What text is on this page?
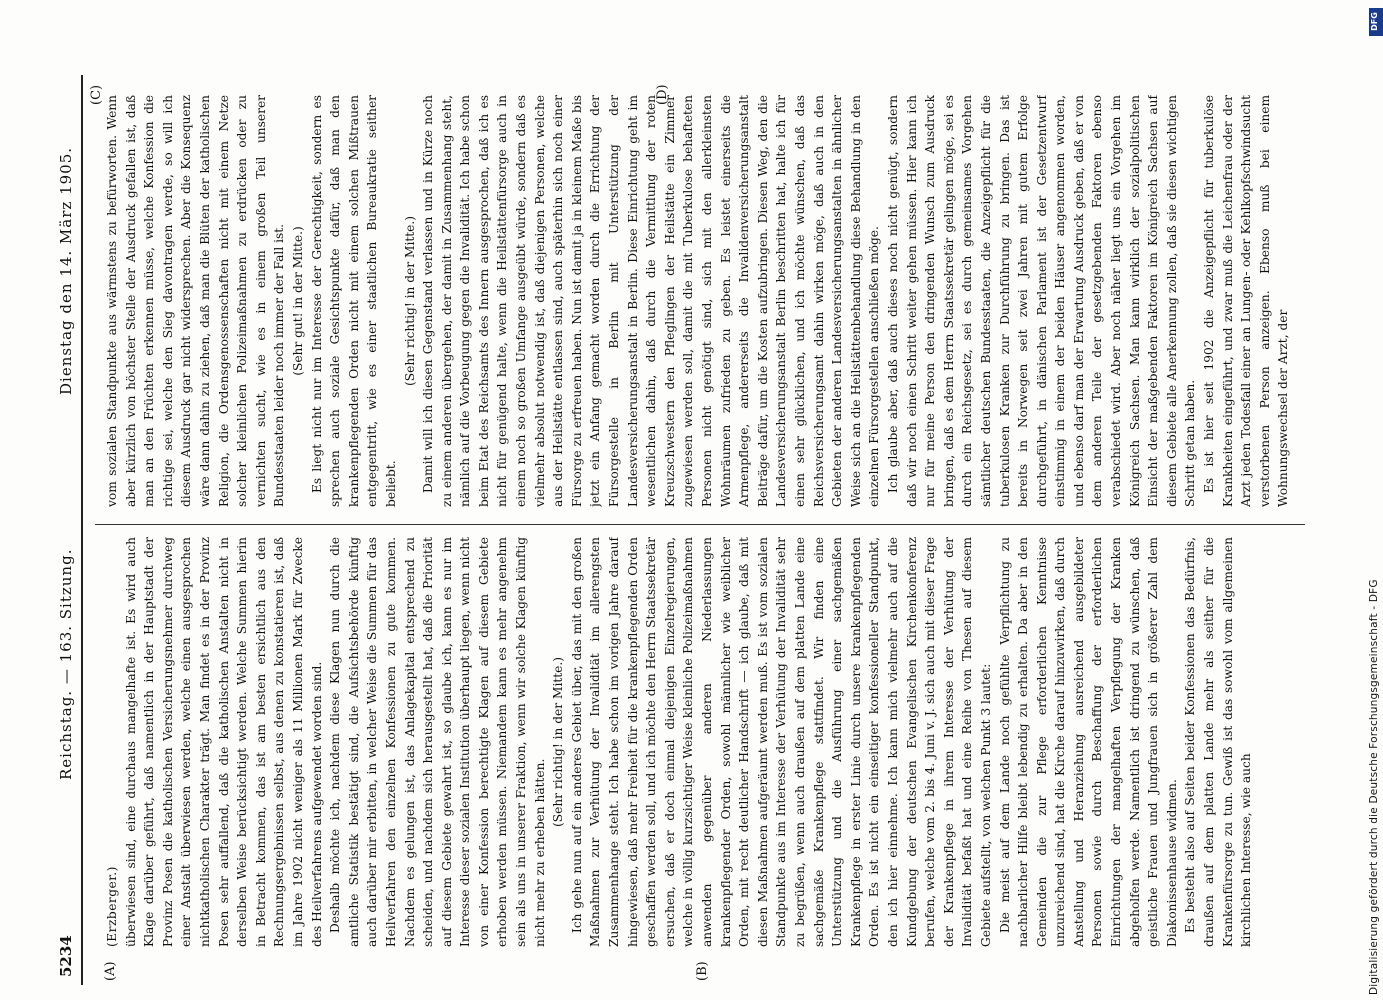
5234
Reichstag. — 163. Sitzung.
Dienstag den 14. März 1905.
(A)	(B)
(C)	(D)

(Erzberger.) überwiesen sind, eine durchaus mangelhafte ist. Es wird auch Klage darüber geführt, daß namentlich in der Hauptstadt der Provinz Posen die katholischen Versicherungsnehmer durchweg einer Anstalt überwiesen werden, welche einen ausgesprochen nichtkatholischen Charakter trägt. Man findet es in der Provinz Posen sehr auffallend, daß die katholischen Anstalten nicht in derselben Weise berücksichtigt werden. Welche Summen hierin in Betracht kommen, das ist am besten ersichtlich aus den Rechnungsergebnissen selbst, aus denen zu konstatieren ist, daß im Jahre 1902 nicht weniger als 11 Millionen Mark für Zwecke des Heilverfahrens aufgewendet worden sind. Deshalb möchte ich, nachdem diese Klagen nun durch die amtliche Statistik bestätigt sind, die Aufsichtsbehörde künftig auch darüber mir erbitten, in welcher Weise die Summen für das Heilverfahren den einzelnen Konfessionen zu gute kommen. Nachdem es gelungen ist, das Anlagekapital entsprechend zu scheiden, und nachdem sich herausgestellt hat, daß die Priorität auf diesem Gebiete gewahrt ist, so glaube ich, kann es nur im Interesse dieser sozialen Institution überhaupt liegen, wenn nicht von einer Konfession berechtigte Klagen auf diesem Gebiete erhoben werden müssen. Niemandem kann es mehr angenehm sein als uns in unserer Fraktion, wenn wir solche Klagen künftig nicht mehr zu erheben hätten.

(Sehr richtig! in der Mitte.) Ich gehe nun auf ein anderes Gebiet über, das mit den großen Maßnahmen zur Verhütung der Invalidität im allerengsten Zusammenhange steht. Ich habe schon im vorigen Jahre darauf hingewiesen, daß mehr Freiheit für die krankenpflegenden Orden geschaffen werden soll, und ich möchte den Herrn Staatssekretär ersuchen, daß er doch einmal diejenigen Einzelregierungen, welche in völlig kurzsichtiger Weise kleinliche Polizeimaßnahmen anwenden gegenüber anderen Niederlassungen krankenpflegender Orden, sowohl männlicher wie weiblicher Orden, mit recht deutlicher Handschrift — ich glaube, daß mit diesen Maßnahmen aufgeräumt werden muß. Es ist vom sozialen Standpunkte aus im Interesse der Verhütung der Invalidität sehr zu begrüßen, wenn auch draußen auf dem platten Lande eine sachgemäße Krankenpflege stattfindet. Wir finden eine Unterstützung und die Ausführung einer sachgemäßen Krankenpflege in erster Linie durch unsere krankenpflegenden Orden. Es ist nicht ein einseitiger konfessioneller Standpunkt, den ich hier einnehme. Ich kann mich vielmehr auch auf die Kundgebung der deutschen Evangelischen Kirchenkonferenz berufen, welche vom 2. bis 4. Juni v. J. sich auch mit dieser Frage der Krankenpflege in ihrem Interesse der Verhütung der Invalidität befaßt hat und eine Reihe von Thesen auf diesem Gebiete aufstellt, von welchen Punkt 3 lautet: Die meist auf dem Lande noch gefühlte Verpflichtung zu nachbarlicher Hilfe bleibt lebendig zu erhalten. Da aber in den Gemeinden die zur Pflege erforderlichen Kenntnisse unzureichend sind, hat die Kirche darauf hinzuwirken, daß durch Anstellung und Heranziehung ausreichend ausgebildeter Personen sowie durch Beschaffung der erforderlichen Einrichtungen der mangelhaften Verpflegung der Kranken abgeholfen werde. Namentlich ist dringend zu wünschen, daß geistliche Frauen und Jungfrauen sich in größerer Zahl dem Diakonissenhause widmen. Es besteht also auf Seiten beider Konfessionen das Bedürfnis, draußen auf dem platten Lande mehr als seither für die Krankenfürsorge zu tun. Gewiß ist das sowohl vom allgemeinen kirchlichen Interesse, wie auch

vom sozialen Standpunkte aus wärmstens zu befürworten. Wenn aber kürzlich von höchster Stelle der Ausdruck gefallen ist, daß man an den Früchten erkennen müsse, welche Konfession die richtige sei, welche den Sieg davontragen werde, so will ich diesem Ausdruck gar nicht widersprechen. Aber die Konsequenz wäre dann dahin zu ziehen, daß man die Blüten der katholischen Religion, die Ordensgenossenschaften nicht mit einem Netze solcher kleinlichen Polizeimaßnahmen zu erdrücken oder zu vernichten sucht, wie es in einem großen Teil unserer Bundesstaaten leider noch immer der Fall ist. (Sehr gut! in der Mitte.) Es liegt nicht nur im Interesse der Gerechtigkeit, sondern es sprechen auch soziale Gesichtspunkte dafür, daß man den krankenpflegenden Orden nicht mit einem solchen Mißtrauen entgegentritt, wie es einer staatlichen Bureaukratie seither beliebt.

(Sehr richtig! in der Mitte.) Damit will ich diesen Gegenstand verlassen und in Kürze noch zu einem anderen übergehen, der damit in Zusammenhang steht, nämlich auf die Vorbeugung gegen die Invalidität. Ich habe schon beim Etat des Reichsamts des Innern ausgesprochen, daß ich es nicht für genügend halte, wenn die Heilstättenfürsorge auch in einem noch so großen Umfange ausgeübt würde, sondern daß es vielmehr absolut notwendig ist, daß diejenigen Personen, welche aus der Heilstätte entlassen sind, auch späterhin sich noch einer Fürsorge zu erfreuen haben. Nun ist damit ja in kleinem Maße bis jetzt ein Anfang gemacht worden durch die Errichtung der Fürsorgestelle in Berlin mit Unterstützung der Landesversicherungsanstalt in Berlin. Diese Einrichtung geht im wesentlichen dahin, daß durch die Vermittlung der roten Kreuzschwestern den Pfleglingen der Heilstätte ein Zimmer zugewiesen werden soll, damit die mit Tuberkulose behafteten Personen nicht genötigt sind, sich mit den allerkleinsten Wohnräumen zufrieden zu geben. Es leistet einerseits die Armenpflege, andererseits die Invalidenversicherungsanstalt Beiträge dafür, um die Kosten aufzubringen. Diesen Weg, den die Landesversicherungsanstalt Berlin beschritten hat, halte ich für einen sehr glücklichen, und ich möchte wünschen, daß das Reichsversicherungsamt dahin wirken möge, daß auch in den Gebieten der anderen Landesversicherungsanstalten in ähnlicher Weise sich an die Heilstättenbehandlung diese Behandlung in den einzelnen Fürsorgestellen anschließen möge. Ich glaube aber, daß auch dieses noch nicht genügt, sondern daß wir noch einen Schritt weiter gehen müssen. Hier kann ich nur für meine Person den dringenden Wunsch zum Ausdruck bringen, daß es dem Herrn Staatssekretär gelingen möge, sei es durch ein Reichsgesetz, sei es durch gemeinsames Vorgehen sämtlicher deutschen Bundesstaaten, die Anzeigepflicht für die tuberkulosen Kranken zur Durchführung zu bringen. Das ist bereits in Norwegen seit zwei Jahren mit gutem Erfolge durchgeführt, in dänischen Parlament ist der Gesetzentwurf einstimmig in einem der beiden Häuser angenommen worden, und ebenso darf man der Erwartung Ausdruck geben, daß er von dem anderen Teile der gesetzgebenden Faktoren ebenso verabschiedet wird. Aber noch näher liegt uns ein Vorgehen im Königreich Sachsen. Man kann wirklich der sozialpolitischen Einsicht der maßgebenden Faktoren im Königreich Sachsen auf diesem Gebiete alle Anerkennung zollen, daß sie diesen wichtigen Schritt getan haben. Es ist hier seit 1902 die Anzeigepflicht für tuberkulöse Krankheiten eingeführt, und zwar muß die Leichenfrau oder der Arzt jeden Todesfall einer an Lungen- oder Kehlkopfschwindsucht verstorbenen Person anzeigen. Ebenso muß bei einem Wohnungswechsel der Arzt, der

DFG
Digitalisierung gefördert durch die Deutsche Forschungsgemeinschaft - DFG
